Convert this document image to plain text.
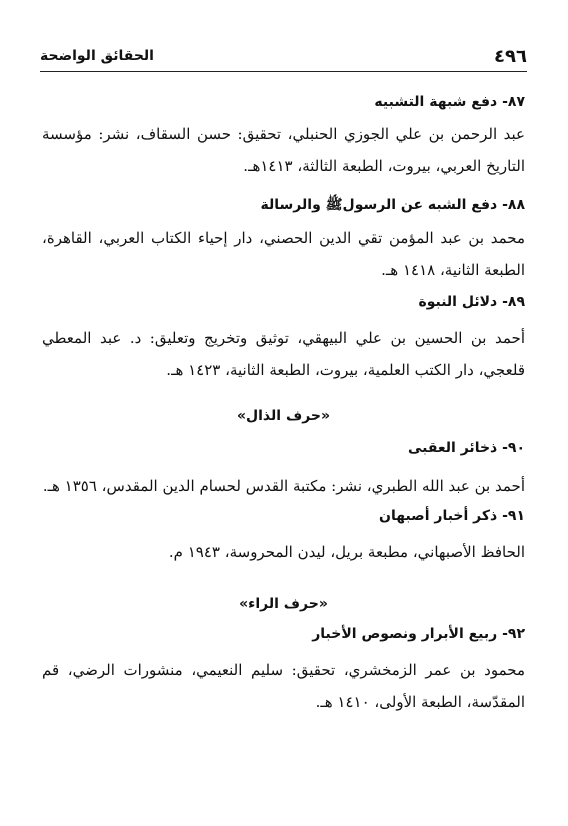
الحقائق الواضحة	٤٩٦
٨٧- دفع شبهة التشبيه
عبد الرحمن بن علي الجوزي الحنبلي، تحقيق: حسن السقاف، نشر: مؤسسة التاريخ العربي، بيروت، الطبعة الثالثة، ١٤١٣هـ.
٨٨- دفع الشبه عن الرسولﷺ والرسالة
محمد بن عبد المؤمن تقي الدين الحصني، دار إحياء الكتاب العربي، القاهرة، الطبعة الثانية، ١٤١٨ هـ.
٨٩- دلائل النبوة
أحمد بن الحسين بن علي البيهقي، توثيق وتخريج وتعليق: د. عبد المعطي قلعجي، دار الكتب العلمية، بيروت، الطبعة الثانية، ١٤٢٣ هـ.
«حرف الذال»
٩٠- ذخائر العقبى
أحمد بن عبد الله الطبري، نشر: مكتبة القدس لحسام الدين المقدس، ١٣٥٦ هـ.
٩١- ذكر أخبار أصبهان
الحافظ الأصبهاني، مطبعة بريل، ليدن المحروسة، ١٩٤٣ م.
«حرف الراء»
٩٢- ربيع الأبرار ونصوص الأخبار
محمود بن عمر الزمخشري، تحقيق: سليم النعيمي، منشورات الرضي، قم المقدّسة، الطبعة الأولى، ١٤١٠ هـ.
